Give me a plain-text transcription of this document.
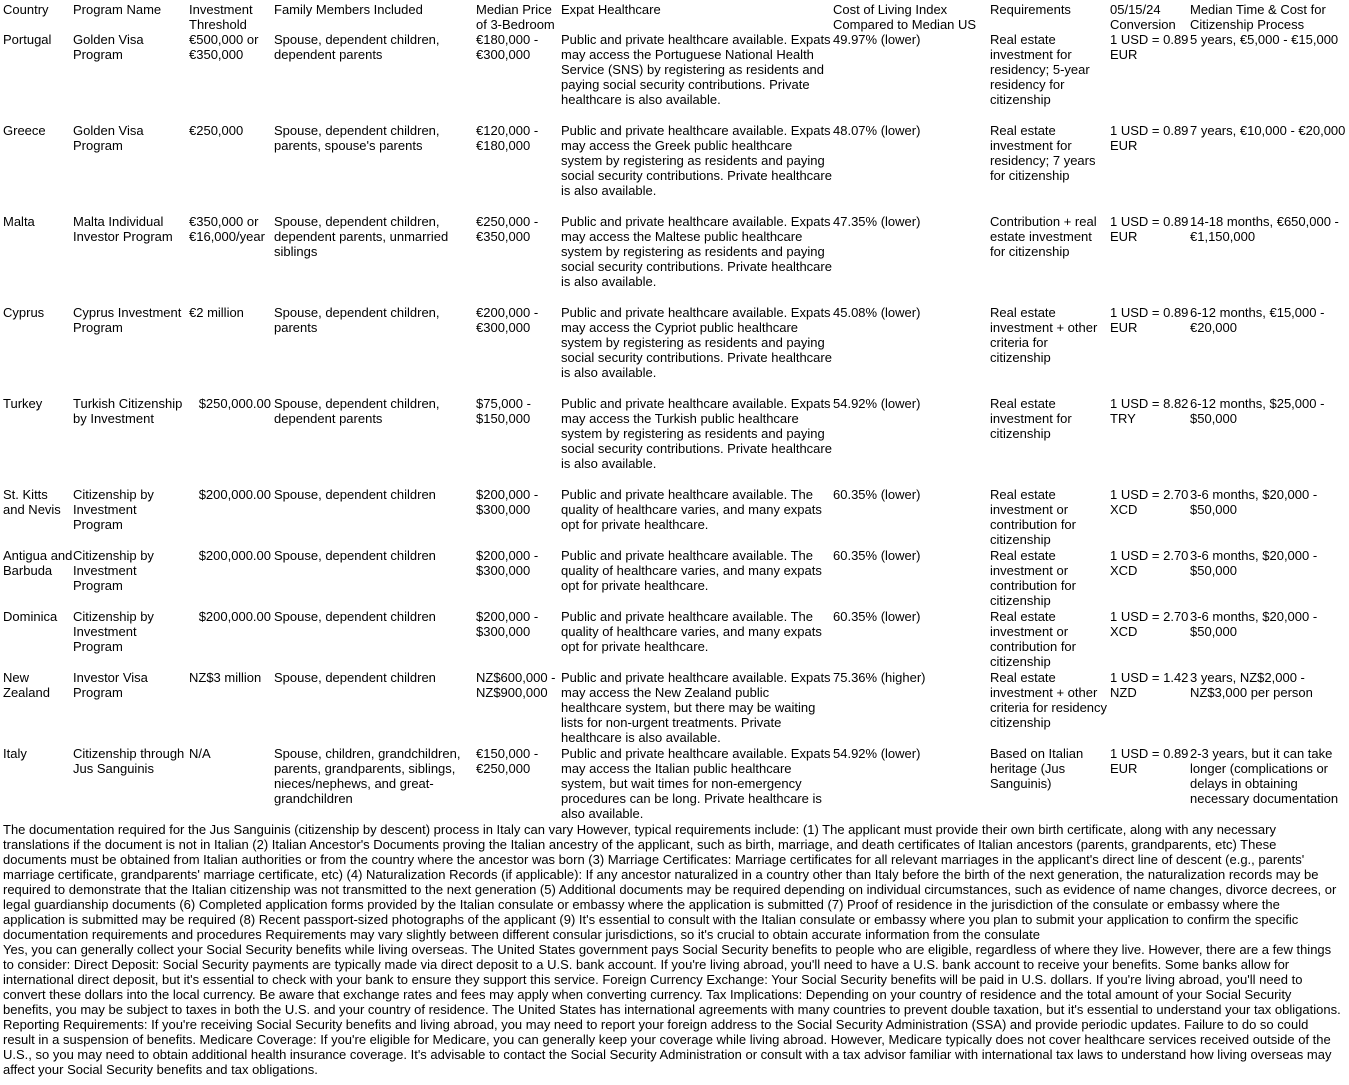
Country	Program Name	Investment Threshold	Family Members Included	Median Price of 3-Bedroom	Expat Healthcare	Cost of Living Index Compared to Median US	Requirements	05/15/24 Conversion	Median Time & Cost for Citizenship Process
Portugal	Golden Visa Program	€500,000 or €350,000	Spouse, dependent children, dependent parents	€180,000 - €300,000	Public and private healthcare available. Expats may access the Portuguese National Health Service (SNS) by registering as residents and paying social security contributions. Private healthcare is also available.	49.97% (lower)	Real estate investment for residency; 5-year residency for citizenship	1 USD = 0.89 EUR	5 years, €5,000 - €15,000
Greece	Golden Visa Program	€250,000	Spouse, dependent children, parents, spouse's parents	€120,000 - €180,000	Public and private healthcare available. Expats may access the Greek public healthcare system by registering as residents and paying social security contributions. Private healthcare is also available.	48.07% (lower)	Real estate investment for residency; 7 years for citizenship	1 USD = 0.89 EUR	7 years, €10,000 - €20,000
Malta	Malta Individual Investor Program	€350,000 or €16,000/year	Spouse, dependent children, dependent parents, unmarried siblings	€250,000 - €350,000	Public and private healthcare available. Expats may access the Maltese public healthcare system by registering as residents and paying social security contributions. Private healthcare is also available.	47.35% (lower)	Contribution + real estate investment for citizenship	1 USD = 0.89 EUR	14-18 months, €650,000 - €1,150,000
Cyprus	Cyprus Investment Program	€2 million	Spouse, dependent children, parents	€200,000 - €300,000	Public and private healthcare available. Expats may access the Cypriot public healthcare system by registering as residents and paying social security contributions. Private healthcare is also available.	45.08% (lower)	Real estate investment + other criteria for citizenship	1 USD = 0.89 EUR	6-12 months, €15,000 - €20,000
Turkey	Turkish Citizenship by Investment	$250,000.00	Spouse, dependent children, dependent parents	$75,000 - $150,000	Public and private healthcare available. Expats may access the Turkish public healthcare system by registering as residents and paying social security contributions. Private healthcare is also available.	54.92% (lower)	Real estate investment for citizenship	1 USD = 8.82 TRY	6-12 months, $25,000 - $50,000
St. Kitts and Nevis	Citizenship by Investment Program	$200,000.00	Spouse, dependent children	$200,000 - $300,000	Public and private healthcare available. The quality of healthcare varies, and many expats opt for private healthcare.	60.35% (lower)	Real estate investment or contribution for citizenship	1 USD = 2.70 XCD	3-6 months, $20,000 - $50,000
Antigua and Barbuda	Citizenship by Investment Program	$200,000.00	Spouse, dependent children	$200,000 - $300,000	Public and private healthcare available. The quality of healthcare varies, and many expats opt for private healthcare.	60.35% (lower)	Real estate investment or contribution for citizenship	1 USD = 2.70 XCD	3-6 months, $20,000 - $50,000
Dominica	Citizenship by Investment Program	$200,000.00	Spouse, dependent children	$200,000 - $300,000	Public and private healthcare available. The quality of healthcare varies, and many expats opt for private healthcare.	60.35% (lower)	Real estate investment or contribution for citizenship	1 USD = 2.70 XCD	3-6 months, $20,000 - $50,000
New Zealand	Investor Visa Program	NZ$3 million	Spouse, dependent children	NZ$600,000 - NZ$900,000	Public and private healthcare available. Expats may access the New Zealand public healthcare system, but there may be waiting lists for non-urgent treatments. Private healthcare is also available.	75.36% (higher)	Real estate investment + other criteria for residency citizenship	1 USD = 1.42 NZD	3 years, NZ$2,000 - NZ$3,000 per person
Italy	Citizenship through Jus Sanguinis	N/A	Spouse, children, grandchildren, parents, grandparents, siblings, nieces/nephews, and great-grandchildren	€150,000 - €250,000	Public and private healthcare available. Expats may access the Italian public healthcare system, but wait times for non-emergency procedures can be long. Private healthcare is also available.	54.92% (lower)	Based on Italian heritage (Jus Sanguinis)	1 USD = 0.89 EUR	2-3 years, but it can take longer (complications or delays in obtaining necessary documentation

The documentation required for the Jus Sanguinis (citizenship by descent) process in Italy can vary However, typical requirements include: (1) The applicant must provide their own birth certificate, along with any necessary translations if the document is not in Italian (2) Italian Ancestor's Documents proving the Italian ancestry of the applicant, such as birth, marriage, and death certificates of Italian ancestors (parents, grandparents, etc) These documents must be obtained from Italian authorities or from the country where the ancestor was born (3) Marriage Certificates: Marriage certificates for all relevant marriages in the applicant's direct line of descent (e.g., parents' marriage certificate, grandparents' marriage certificate, etc) (4) Naturalization Records (if applicable): If any ancestor naturalized in a country other than Italy before the birth of the next generation, the naturalization records may be required to demonstrate that the Italian citizenship was not transmitted to the next generation (5) Additional documents may be required depending on individual circumstances, such as evidence of name changes, divorce decrees, or legal guardianship documents (6) Completed application forms provided by the Italian consulate or embassy where the application is submitted (7) Proof of residence in the jurisdiction of the consulate or embassy where the application is submitted may be required (8) Recent passport-sized photographs of the applicant (9) It's essential to consult with the Italian consulate or embassy where you plan to submit your application to confirm the specific documentation requirements and procedures Requirements may vary slightly between different consular jurisdictions, so it's crucial to obtain accurate information from the consulate

Yes, you can generally collect your Social Security benefits while living overseas. The United States government pays Social Security benefits to people who are eligible, regardless of where they live. However, there are a few things to consider: Direct Deposit: Social Security payments are typically made via direct deposit to a U.S. bank account. If you're living abroad, you'll need to have a U.S. bank account to receive your benefits. Some banks allow for international direct deposit, but it's essential to check with your bank to ensure they support this service. Foreign Currency Exchange: Your Social Security benefits will be paid in U.S. dollars. If you're living abroad, you'll need to convert these dollars into the local currency. Be aware that exchange rates and fees may apply when converting currency. Tax Implications: Depending on your country of residence and the total amount of your Social Security benefits, you may be subject to taxes in both the U.S. and your country of residence. The United States has international agreements with many countries to prevent double taxation, but it's essential to understand your tax obligations. Reporting Requirements: If you're receiving Social Security benefits and living abroad, you may need to report your foreign address to the Social Security Administration (SSA) and provide periodic updates. Failure to do so could result in a suspension of benefits. Medicare Coverage: If you're eligible for Medicare, you can generally keep your coverage while living abroad. However, Medicare typically does not cover healthcare services received outside of the U.S., so you may need to obtain additional health insurance coverage. It's advisable to contact the Social Security Administration or consult with a tax advisor familiar with international tax laws to understand how living overseas may affect your Social Security benefits and tax obligations.
